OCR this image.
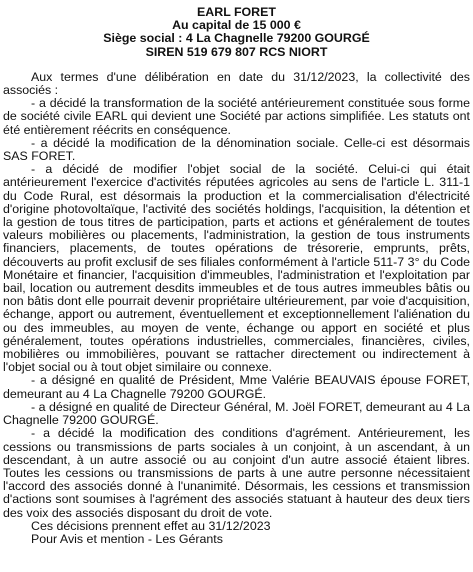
EARL FORET
Au capital de 15 000 €
Siège social : 4 La Chagnelle 79200 GOURGÉ
SIREN 519 679 807 RCS NIORT

Aux termes d'une délibération en date du 31/12/2023, la collectivité des associés :

- a décidé la transformation de la société antérieurement constituée sous forme de société civile EARL qui devient une Société par actions simplifiée. Les statuts ont été entièrement réécrits en conséquence.

- a décidé la modification de la dénomination sociale. Celle-ci est désormais SAS FORET.

- a décidé de modifier l'objet social de la société. Celui-ci qui était antérieurement l'exercice d'activités réputées agricoles au sens de l'article L. 311-1 du Code Rural, est désormais la production et la commercialisation d'électricité d'origine photovoltaïque, l'activité des sociétés holdings, l'acquisition, la détention et la gestion de tous titres de participation, parts et actions et généralement de toutes valeurs mobilières ou placements, l'administration, la gestion de tous instruments financiers, placements, de toutes opérations de trésorerie, emprunts, prêts, découverts au profit exclusif de ses filiales conformément à l'article 511-7 3° du Code Monétaire et financier, l'acquisition d'immeubles, l'administration et l'exploitation par bail, location ou autrement desdits immeubles et de tous autres immeubles bâtis ou non bâtis dont elle pourrait devenir propriétaire ultérieurement, par voie d'acquisition, échange, apport ou autrement, éventuellement et exceptionnellement l'aliénation du ou des immeubles, au moyen de vente, échange ou apport en société et plus généralement, toutes opérations industrielles, commerciales, financières, civiles, mobilières ou immobilières, pouvant se rattacher directement ou indirectement à l'objet social ou à tout objet similaire ou connexe.

- a désigné en qualité de Président, Mme Valérie BEAUVAIS épouse FORET, demeurant au 4 La Chagnelle 79200 GOURGÉ.

- a désigné en qualité de Directeur Général, M. Joël FORET, demeurant au 4 La Chagnelle 79200 GOURGÉ.

- a décidé la modification des conditions d'agrément. Antérieurement, les cessions ou transmissions de parts sociales à un conjoint, à un ascendant, à un descendant, à un autre associé ou au conjoint d'un autre associé étaient libres. Toutes les cessions ou transmissions de parts à une autre personne nécessitaient l'accord des associés donné à l'unanimité. Désormais, les cessions et transmission d'actions sont soumises à l'agrément des associés statuant à hauteur des deux tiers des voix des associés disposant du droit de vote.

Ces décisions prennent effet au 31/12/2023

Pour Avis et mention - Les Gérants
